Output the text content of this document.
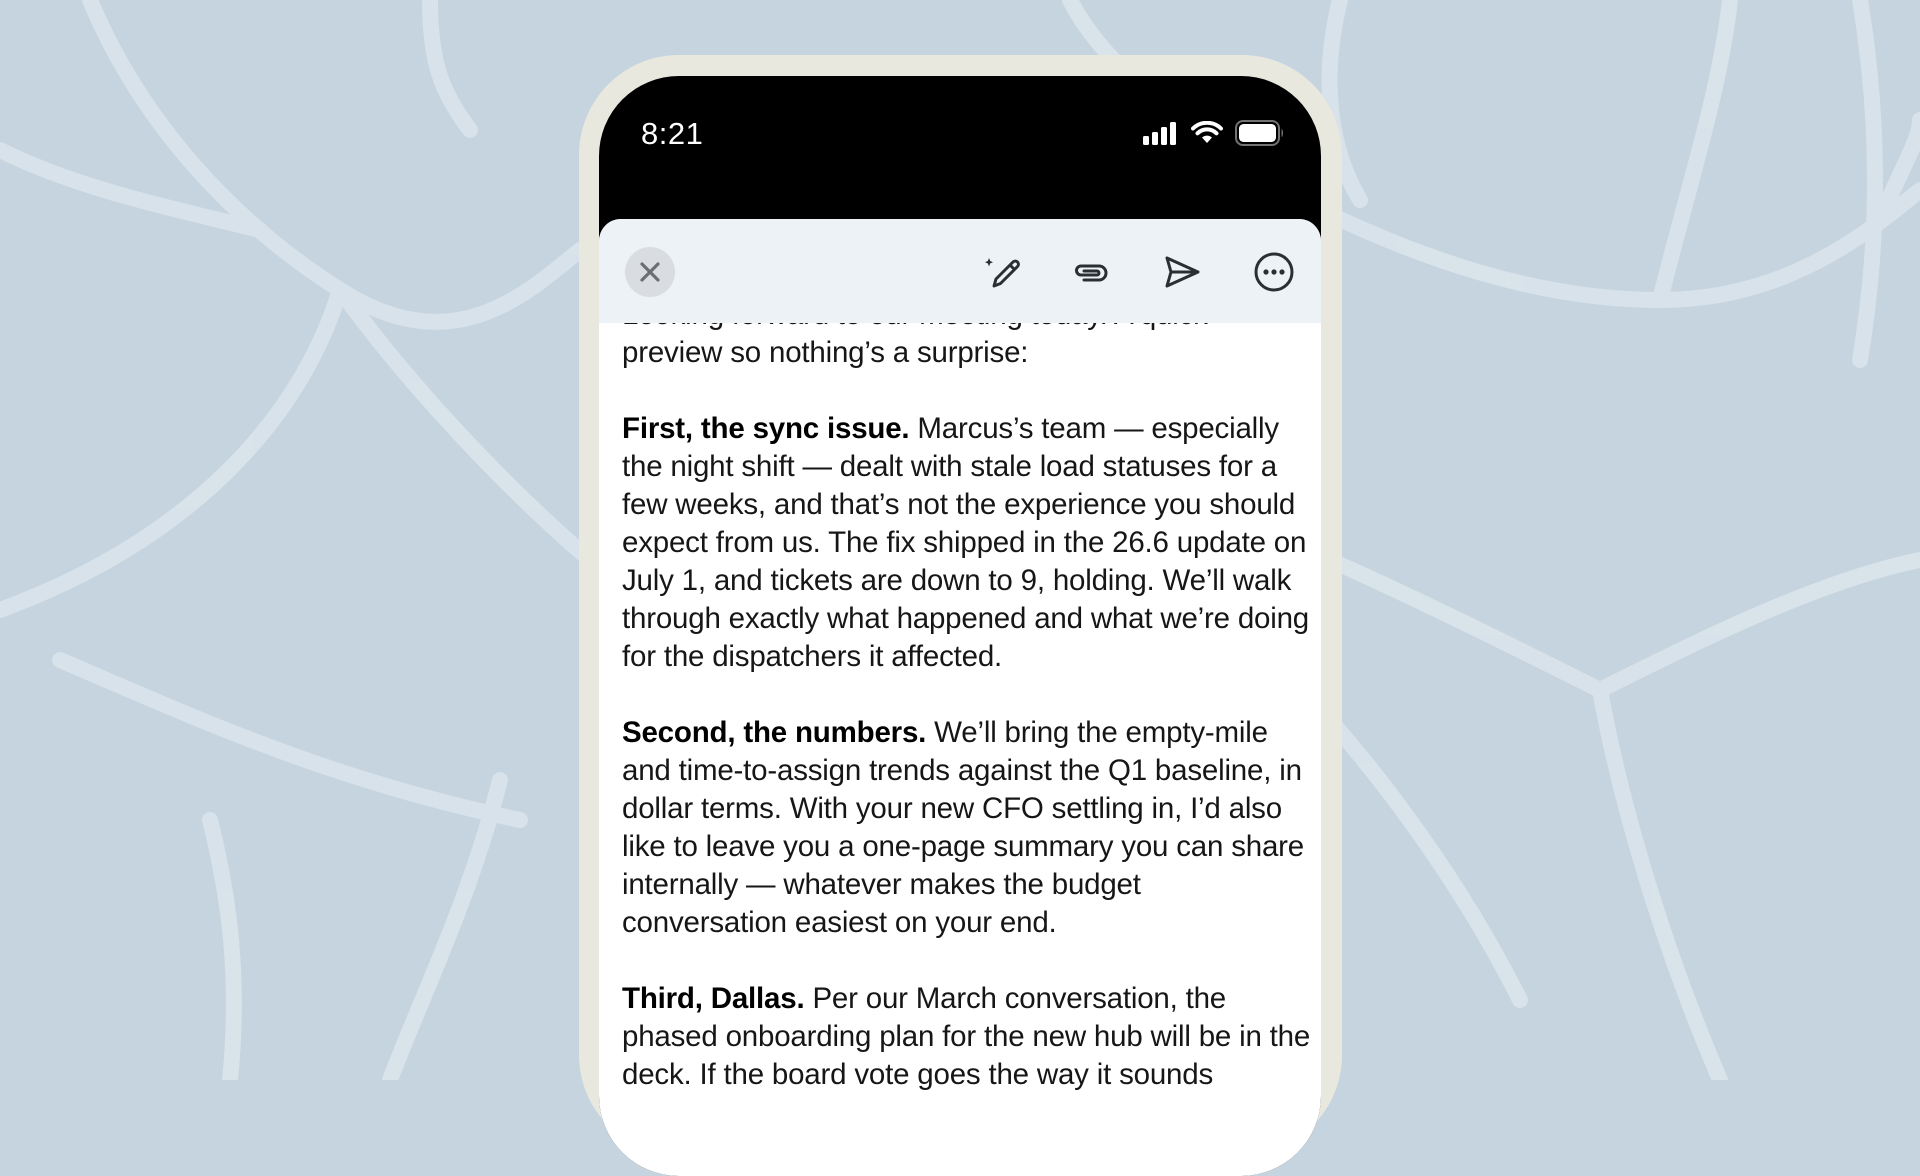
8:21

preview so nothing’s a surprise:

First, the sync issue. Marcus’s team — especially the night shift — dealt with stale load statuses for a few weeks, and that’s not the experience you should expect from us. The fix shipped in the 26.6 update on July 1, and tickets are down to 9, holding. We’ll walk through exactly what happened and what we’re doing for the dispatchers it affected.

Second, the numbers. We’ll bring the empty-mile and time-to-assign trends against the Q1 baseline, in dollar terms. With your new CFO settling in, I’d also like to leave you a one-page summary you can share internally — whatever makes the budget conversation easiest on your end.

Third, Dallas. Per our March conversation, the phased onboarding plan for the new hub will be in the deck. If the board vote goes the way it sounds
